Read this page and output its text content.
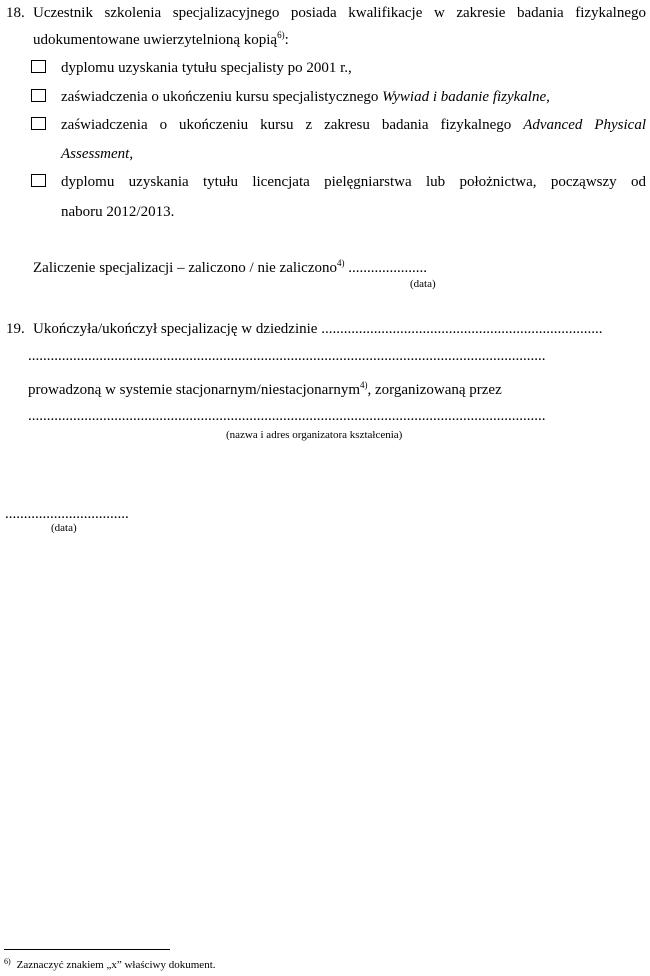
18. Uczestnik szkolenia specjalizacyjnego posiada kwalifikacje w zakresie badania fizykalnego
udokumentowane uwierzytelnioną kopią$^{6)}$:
dyplomu uzyskania tytułu specjalisty po 2001 r.,
zaświadczenia o ukończeniu kursu specjalistycznego Wywiad i badanie fizykalne,
zaświadczenia o ukończeniu kursu z zakresu badania fizykalnego Advanced Physical
Assessment,
dyplomu uzyskania tytułu licencjata pielęgniarstwa lub położnictwa, począwszy od
naboru 2012/2013.
Zaliczenie specjalizacji – zaliczono / nie zaliczono$^{4)}$ .....................
(data)
19. Ukończyła/ukończył specjalizację w dziedzinie ...........................................................................
..........................................................................................................................................
prowadzoną w systemie stacjonarnym/niestacjonarnym$^{4)}$, zorganizowaną przez
..........................................................................................................................................
(nazwa i adres organizatora kształcenia)
.................................
(data)
$^{6)}$ Zaznaczyć znakiem „x” właściwy dokument.
